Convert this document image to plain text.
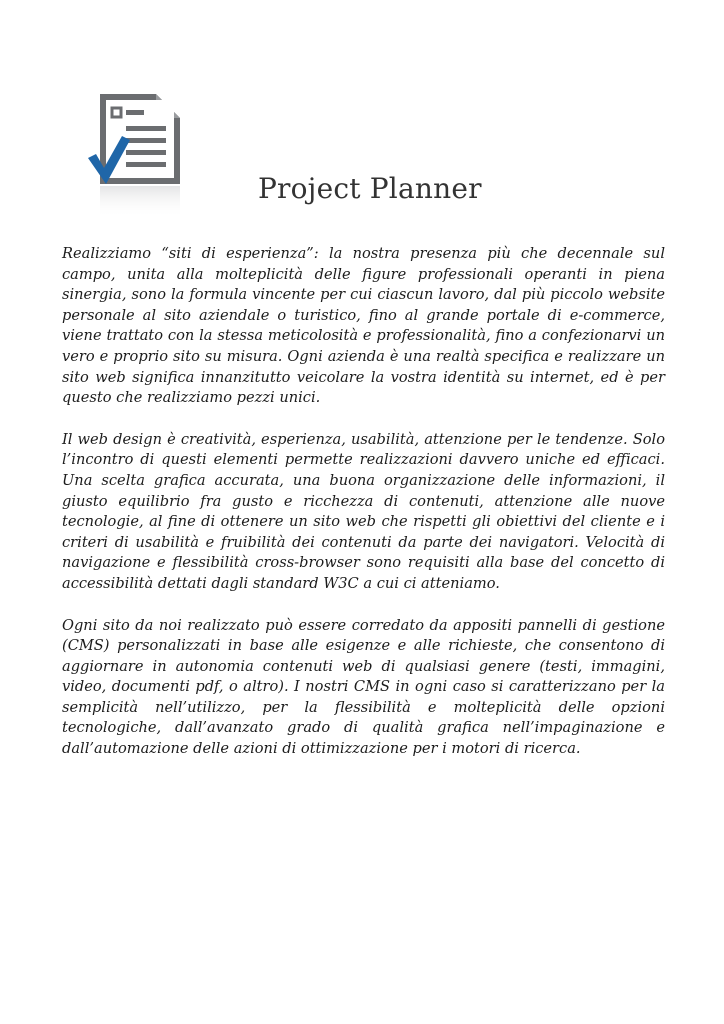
Project Planner

Realizziamo “siti di esperienza”: la nostra presenza più che decennale sul campo, unita alla molteplicità delle figure professionali operanti in piena sinergia, sono la formula vincente per cui ciascun lavoro, dal più piccolo website personale al sito aziendale o turistico, fino al grande portale di e-commerce, viene trattato con la stessa meticolosità e professionalità, fino a confezionarvi un vero e proprio sito su misura. Ogni azienda è una realtà specifica e realizzare un sito web significa innanzitutto veicolare la vostra identità su internet, ed è per questo che realizziamo pezzi unici.

Il web design è creatività, esperienza, usabilità, attenzione per le tendenze. Solo l’incontro di questi elementi permette realizzazioni davvero uniche ed efficaci. Una scelta grafica accurata, una buona organizzazione delle informazioni, il giusto equilibrio fra gusto e ricchezza di contenuti, attenzione alle nuove tecnologie, al fine di ottenere un sito web che rispetti gli obiettivi del cliente e i criteri di usabilità e fruibilità dei contenuti da parte dei navigatori. Velocità di navigazione e flessibilità cross-browser sono requisiti alla base del concetto di accessibilità dettati dagli standard W3C a cui ci atteniamo.

Ogni sito da noi realizzato può essere corredato da appositi pannelli di gestione (CMS) personalizzati in base alle esigenze e alle richieste, che consentono di aggiornare in autonomia contenuti web di qualsiasi genere (testi, immagini, video, documenti pdf, o altro). I nostri CMS in ogni caso si caratterizzano per la semplicità nell’utilizzo, per la flessibilità e molteplicità delle opzioni tecnologiche, dall’avanzato grado di qualità grafica nell’impaginazione e dall’automazione delle azioni di ottimizzazione per i motori di ricerca.
